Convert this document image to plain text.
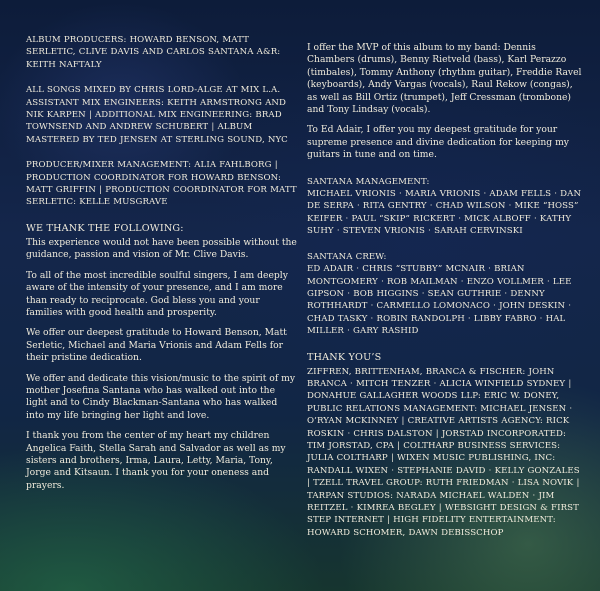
ALBUM PRODUCERS: HOWARD BENSON, MATT SERLETIC, CLIVE DAVIS AND CARLOS SANTANA A&R: KEITH NAFTALY
ALL SONGS MIXED BY CHRIS LORD-ALGE AT MIX L.A. ASSISTANT MIX ENGINEERS: KEITH ARMSTRONG AND NIK KARPEN | ADDITIONAL MIX ENGINEERING: BRAD TOWNSEND AND ANDREW SCHUBERT | ALBUM MASTERED BY TED JENSEN AT STERLING SOUND, NYC
PRODUCER/MIXER MANAGEMENT: ALIA FAHLBORG | PRODUCTION COORDINATOR FOR HOWARD BENSON: MATT GRIFFIN | PRODUCTION COORDINATOR FOR MATT SERLETIC: KELLE MUSGRAVE
WE THANK THE FOLLOWING:
This experience would not have been possible without the guidance, passion and vision of Mr. Clive Davis.
To all of the most incredible soulful singers, I am deeply aware of the intensity of your presence, and I am more than ready to reciprocate. God bless you and your families with good health and prosperity.
We offer our deepest gratitude to Howard Benson, Matt Serletic, Michael and Maria Vrionis and Adam Fells for their pristine dedication.
We offer and dedicate this vision/music to the spirit of my mother Josefina Santana who has walked out into the light and to Cindy Blackman-Santana who has walked into my life bringing her light and love.
I thank you from the center of my heart my children Angelica Faith, Stella Sarah and Salvador as well as my sisters and brothers, Irma, Laura, Letty, Maria, Tony, Jorge and Kitsaun. I thank you for your oneness and prayers.
I offer the MVP of this album to my band: Dennis Chambers (drums), Benny Rietveld (bass), Karl Perazzo (timbales), Tommy Anthony (rhythm guitar), Freddie Ravel (keyboards), Andy Vargas (vocals), Raul Rekow (congas), as well as Bill Ortiz (trumpet), Jeff Cressman (trombone) and Tony Lindsay (vocals).
To Ed Adair, I offer you my deepest gratitude for your supreme presence and divine dedication for keeping my guitars in tune and on time.
SANTANA MANAGEMENT:
MICHAEL VRIONIS · MARIA VRIONIS · ADAM FELLS · DAN DE SERPA · RITA GENTRY · CHAD WILSON · MIKE “HOSS” KEIFER · PAUL “SKIP” RICKERT · MICK ALBOFF · KATHY SUHY · STEVEN VRIONIS · SARAH CERVINSKI
SANTANA CREW:
ED ADAIR · CHRIS “STUBBY” MCNAIR · BRIAN MONTGOMERY · ROB MAILMAN · ENZO VOLLMER · LEE GIPSON · BOB HIGGINS · SEAN GUTHRIE · DENNY ROTHHARDT · CARMELLO LOMONACO · JOHN DESKIN · CHAD TASKY · ROBIN RANDOLPH · LIBBY FABRO · HAL MILLER · GARY RASHID
THANK YOU’S
ZIFFREN, BRITTENHAM, BRANCA & FISCHER: JOHN BRANCA · MITCH TENZER · ALICIA WINFIELD SYDNEY | DONAHUE GALLAGHER WOODS LLP: ERIC W. DONEY, PUBLIC RELATIONS MANAGEMENT: MICHAEL JENSEN · O’RYAN MCKINNEY | CREATIVE ARTISTS AGENCY: RICK ROSKIN · CHRIS DALSTON | JORSTAD INCORPORATED: TIM JORSTAD, CPA | COLTHARP BUSINESS SERVICES: JULIA COLTHARP | WIXEN MUSIC PUBLISHING, INC: RANDALL WIXEN · STEPHANIE DAVID · KELLY GONZALES | TZELL TRAVEL GROUP: RUTH FRIEDMAN · LISA NOVIK | TARPAN STUDIOS: NARADA MICHAEL WALDEN · JIM REITZEL · KIMREA BEGLEY | WEBSIGHT DESIGN & FIRST STEP INTERNET | HIGH FIDELITY ENTERTAINMENT: HOWARD SCHOMER, DAWN DEBISSCHOP
